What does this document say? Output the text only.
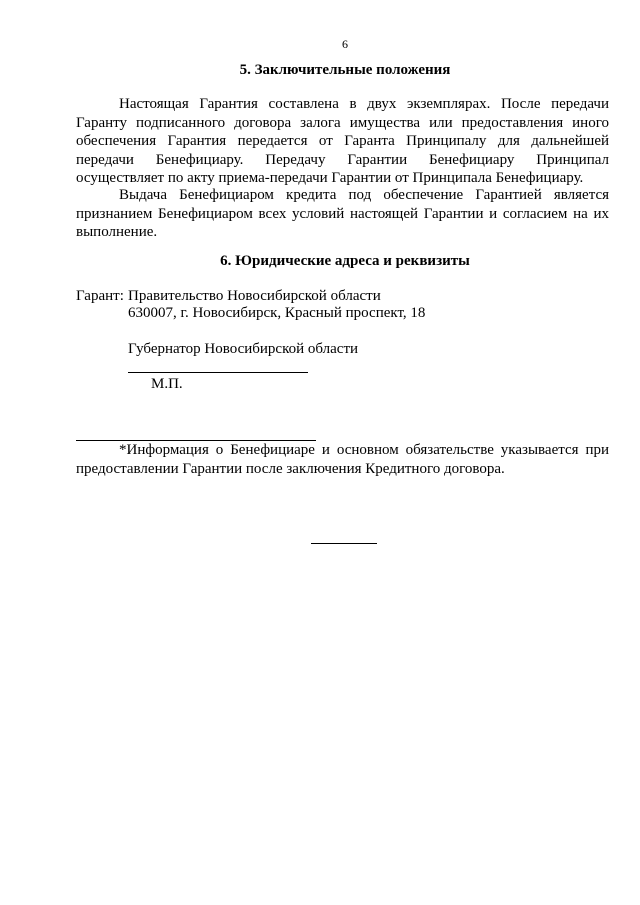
6
5. Заключительные положения

Настоящая Гарантия составлена в двух экземплярах. После передачи Гаранту подписанного договора залога имущества или предоставления иного обеспечения Гарантия передается от Гаранта Принципалу для дальнейшей передачи Бенефициару. Передачу Гарантии Бенефициару Принципал осуществляет по акту приема-передачи Гарантии от Принципала Бенефициару.

Выдача Бенефициаром кредита под обеспечение Гарантией является признанием Бенефициаром всех условий настоящей Гарантии и согласием на их выполнение.

6. Юридические адреса и реквизиты
Гарант: Правительство Новосибирской области
630007, г. Новосибирск, Красный проспект, 18
Губернатор Новосибирской области
М.П.

*Информация о Бенефициаре и основном обязательстве указывается при предоставлении Гарантии после заключения Кредитного договора.
